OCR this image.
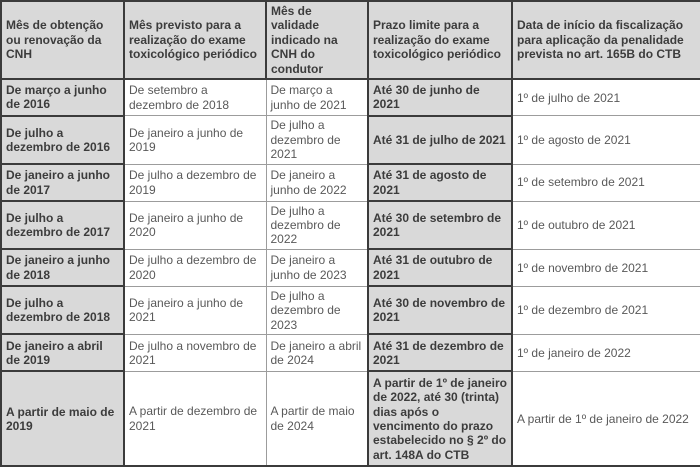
Mês de obtenção ou renovação da CNH	Mês previsto para a realização do exame toxicológico periódico	Mês de validade indicado na CNH do condutor	Prazo limite para a realização do exame toxicológico periódico	Data de início da fiscalização para aplicação da penalidade prevista no art. 165B do CTB
De março a junho de 2016	De setembro a dezembro de 2018	De março a junho de 2021	Até 30 de junho de 2021	1º de julho de 2021
De julho a dezembro de 2016	De janeiro a junho de 2019	De julho a dezembro de 2021	Até 31 de julho de 2021	1º de agosto de 2021
De janeiro a junho de 2017	De julho a dezembro de 2019	De janeiro a junho de 2022	Até 31 de agosto de 2021	1º de setembro de 2021
De julho a dezembro de 2017	De janeiro a junho de 2020	De julho a dezembro de 2022	Até 30 de setembro de 2021	1º de outubro de 2021
De janeiro a junho de 2018	De julho a dezembro de 2020	De janeiro a junho de 2023	Até 31 de outubro de 2021	1º de novembro de 2021
De julho a dezembro de 2018	De janeiro a junho de 2021	De julho a dezembro de 2023	Até 30 de novembro de 2021	1º de dezembro de 2021
De janeiro a abril de 2019	De julho a novembro de 2021	De janeiro a abril de 2024	Até 31 de dezembro de 2021	1º de janeiro de 2022
A partir de maio de 2019	A partir de dezembro de 2021	A partir de maio de 2024	A partir de 1º de janeiro de 2022, até 30 (trinta) dias após o vencimento do prazo estabelecido no § 2º do art. 148A do CTB	A partir de 1º de janeiro de 2022
